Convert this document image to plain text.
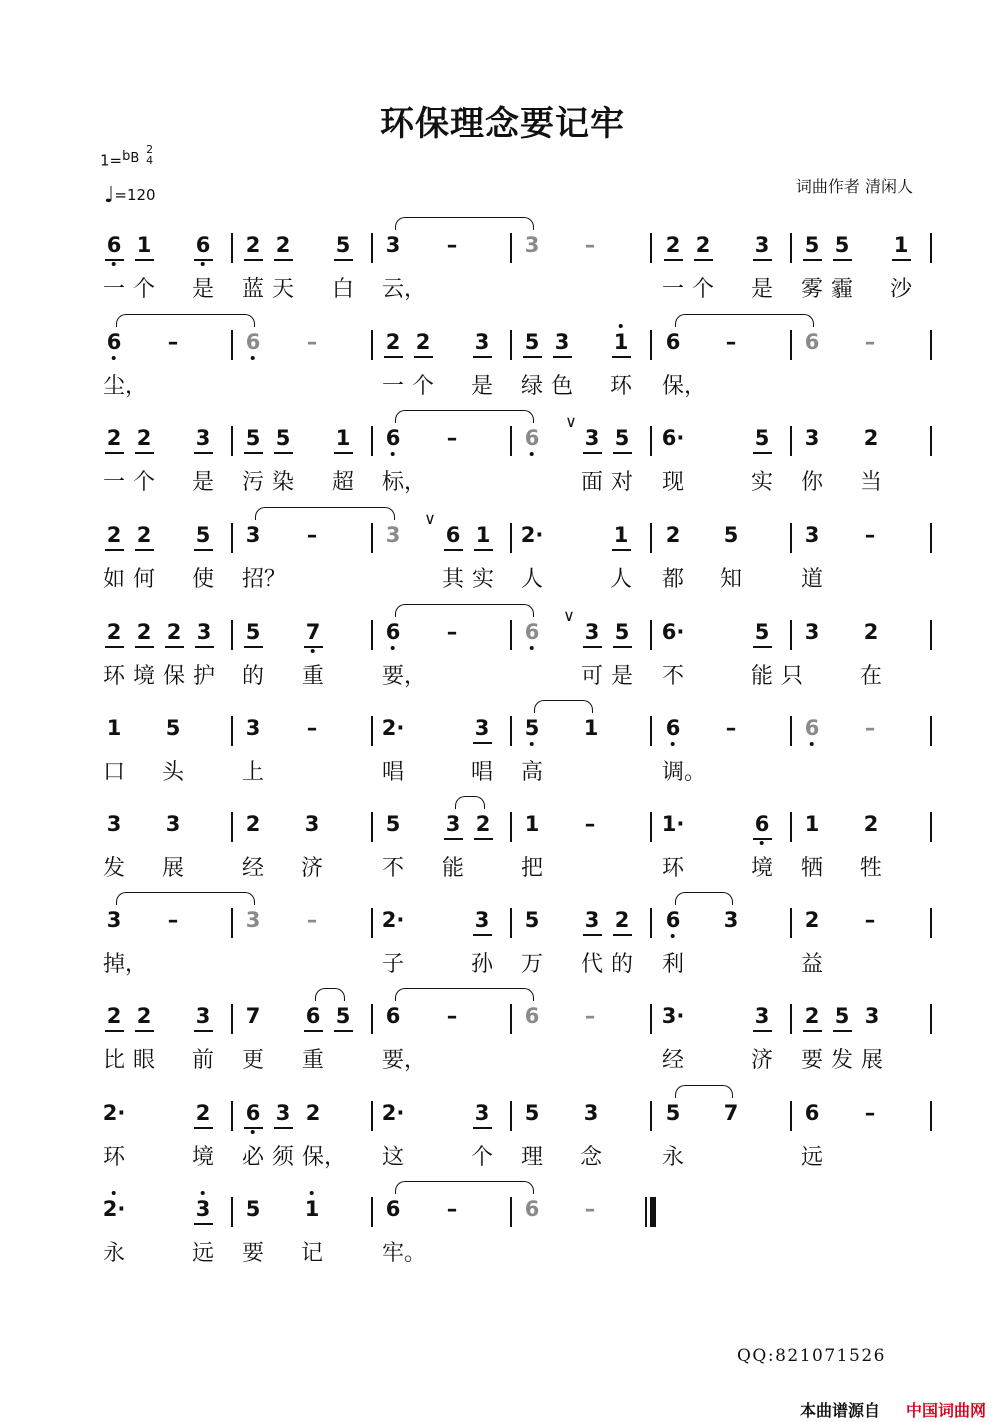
环保理念要记牢
1=bB 2
4
♩=120	词曲作者 清闲人
6 1 6 2 2 5 3 –	3 –	2 2 3 5 5 1
一 个 是 蓝 天 白 云，	一 个 是 雾 霾 沙
6 –	6 –	2 2 3 5 3 1 6 –	6 –
尘，	一 个 是 绿 色 环 保，
2 2 3 5 5 1 6 –	6 3 5 6·	5 3 2
∨
一 个 是 污 染 超 标，	面 对 现	实 你 当
2 2 5 3 –	3 6 1 2·	1 2 5	3 –
∨
如 何 使 招？	其 实 人	人 都 知	道
2 2 2 3 5 7	6 –	6 3 5 6·	5 3 2
∨
环 境 保 护 的 重	要，	可 是 不	能 只	在
1 5	3 –	2·	3 5 1	6 –	6 –
口 头	上	唱	唱 高	调。
3 3	2 3	5 3 2 1 –	1·	6 1 2
发 展	经 济	不 能	把	环	境 牺 牲
3 –	3 –	2·	3 5 3 2 6 3	2 –
掉，	子	孙 万 代 的 利	益
2 2 3 7 6 5 6 –	6 –	3·	3 2 5 3
比 眼 前 更 重	要，	经	济 要 发 展
2·	2 6 3 2	2·	3 5 3	5 7	6 –
环	境 必 须 保， 这	个 理 念	永	远
2·	3 5 1	6 –	6 –
永	远 要 记	牢。
QQ:821071526
本曲谱源自 中国词曲网
